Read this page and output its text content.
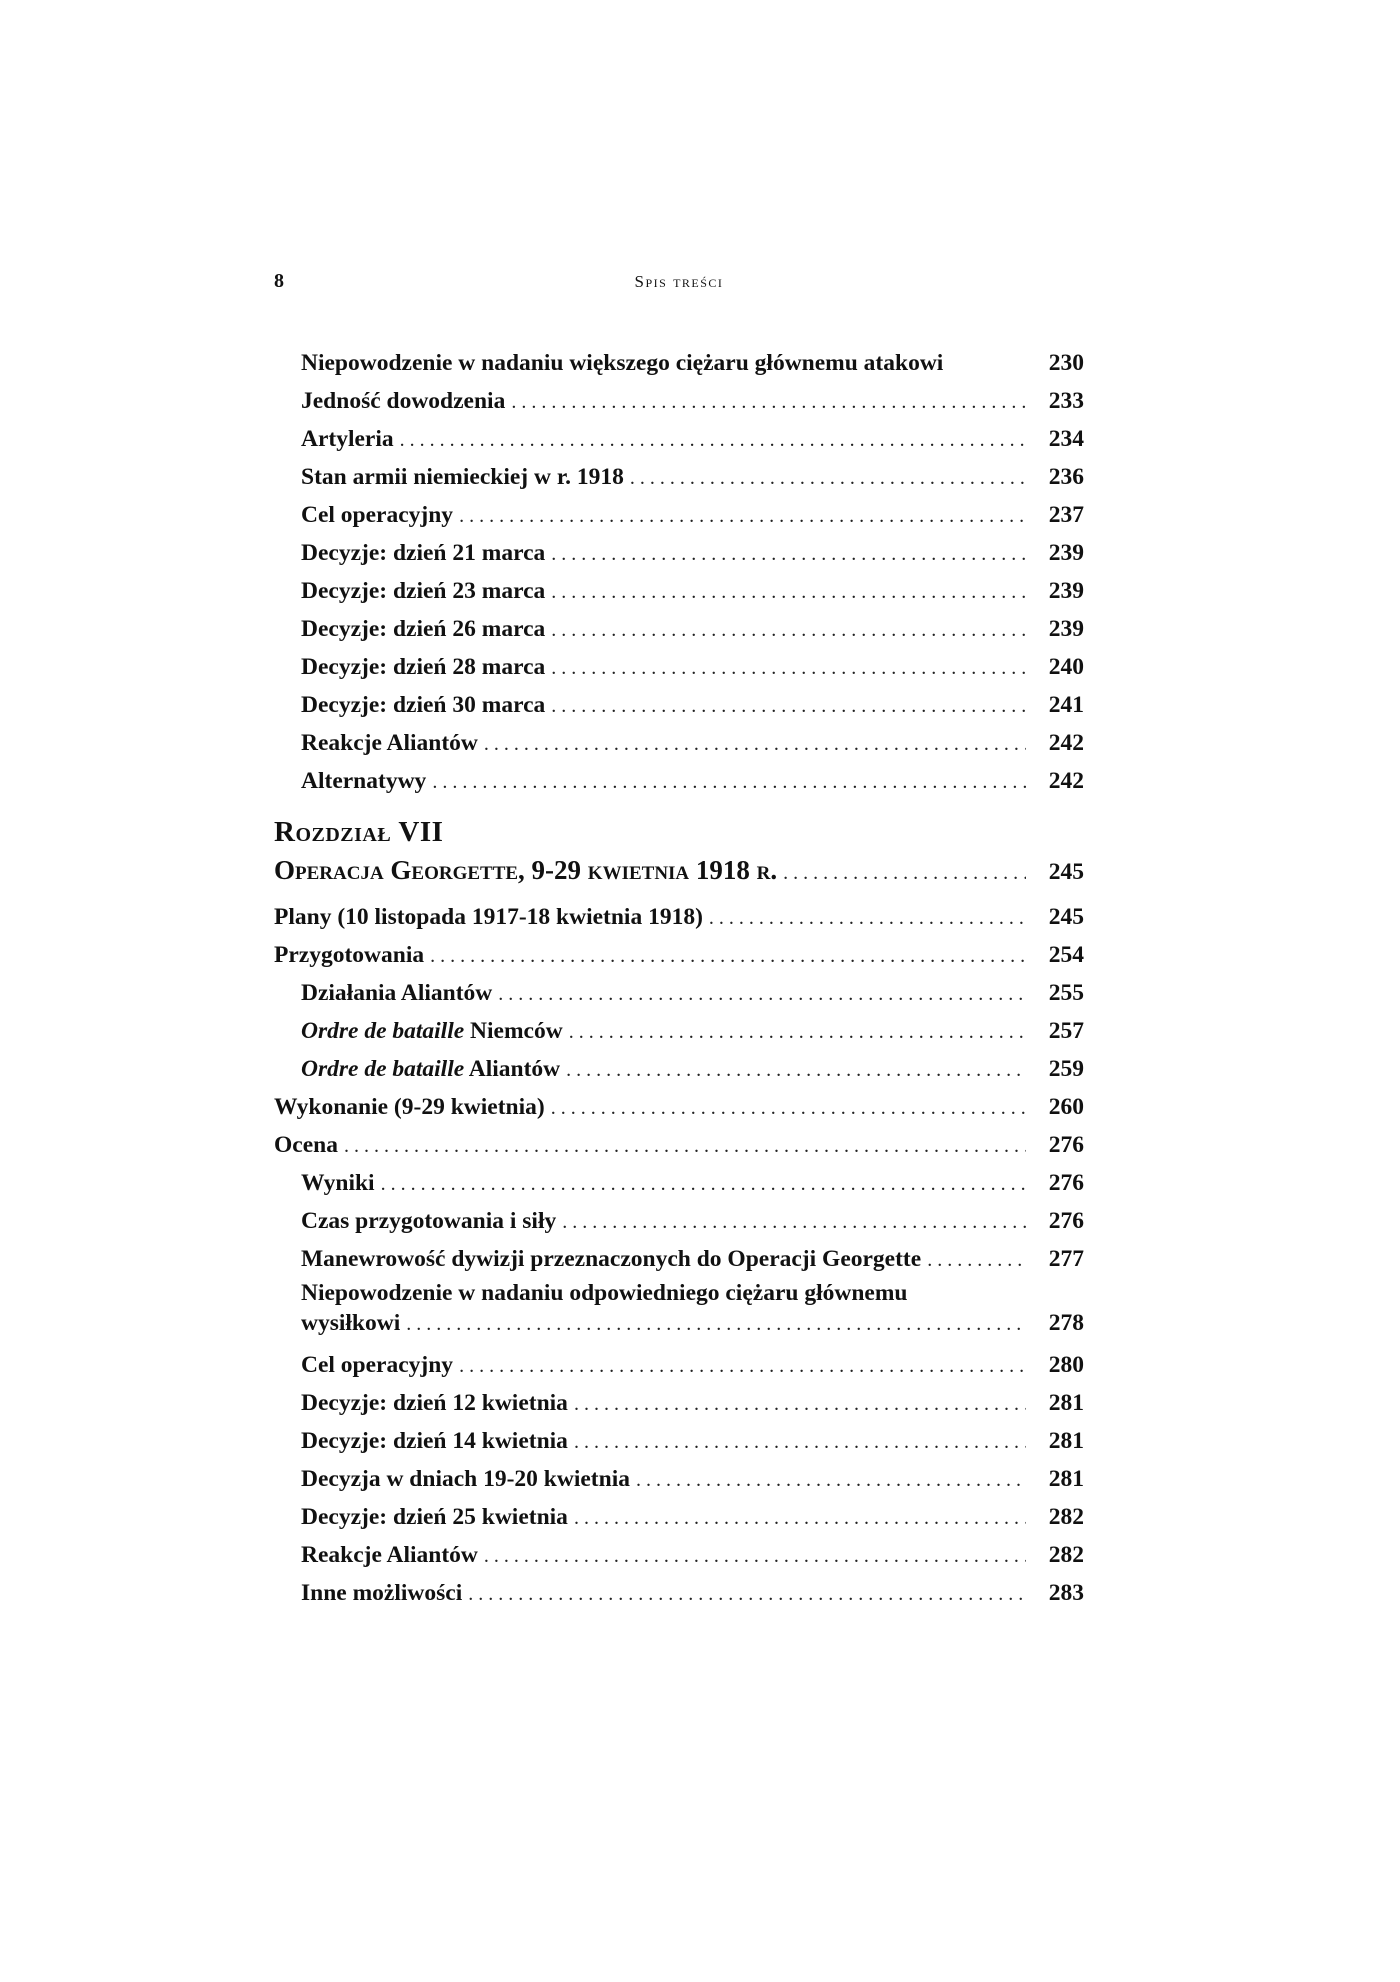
8	Spis treści
Niepowodzenie w nadaniu większego ciężaru głównemu atakowi	230
Jedność dowodzenia . . .	233
Artyleria . . .	234
Stan armii niemieckiej w r. 1918 . . .	236
Cel operacyjny . . .	237
Decyzje: dzień 21 marca . . .	239
Decyzje: dzień 23 marca . . .	239
Decyzje: dzień 26 marca . . .	239
Decyzje: dzień 28 marca . . .	240
Decyzje: dzień 30 marca . . .	241
Reakcje Aliantów . . .	242
Alternatywy . . .	242
Rozdział VII
Operacja Georgette, 9-29 kwietnia 1918 r. . . .	245
Plany (10 listopada 1917-18 kwietnia 1918) . . .	245
Przygotowania . . .	254
Działania Aliantów . . .	255
Ordre de bataille Niemców . . .	257
Ordre de bataille Aliantów . . .	259
Wykonanie (9-29 kwietnia) . . .	260
Ocena . . .	276
Wyniki . . .	276
Czas przygotowania i siły . . .	276
Manewrowość dywizji przeznaczonych do Operacji Georgette . . .	277
Niepowodzenie w nadaniu odpowiedniego ciężaru głównemu
wysiłkowi . . .	278
Cel operacyjny . . .	280
Decyzje: dzień 12 kwietnia . . .	281
Decyzje: dzień 14 kwietnia . . .	281
Decyzja w dniach 19-20 kwietnia . . .	281
Decyzje: dzień 25 kwietnia . . .	282
Reakcje Aliantów . . .	282
Inne możliwości . . .	283
